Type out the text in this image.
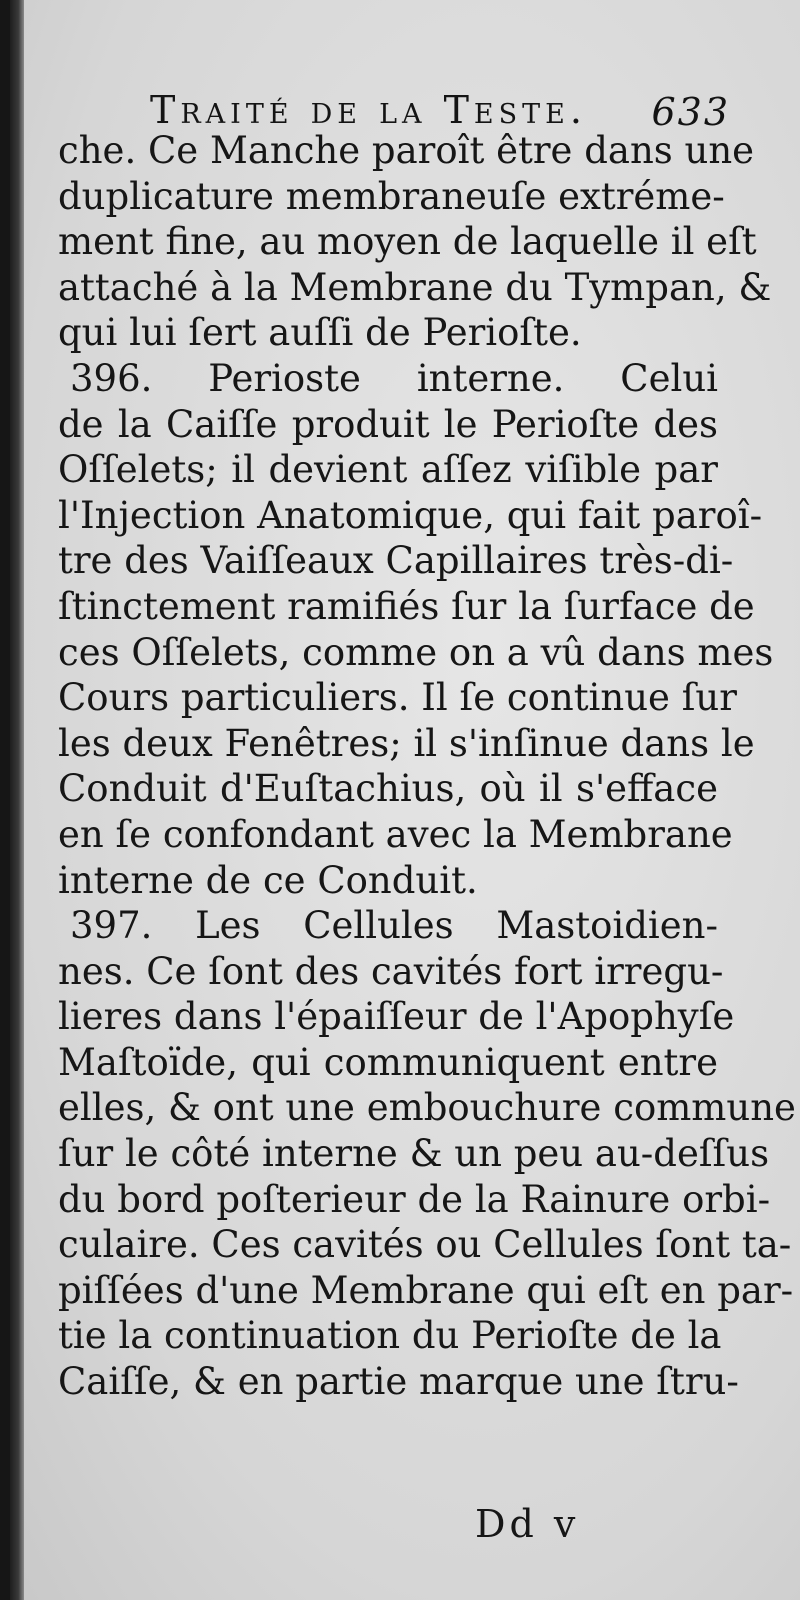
Traité de la Teste. 633
che. Ce Manche paroît être dans une
duplicature membraneuſe extréme-
ment fine, au moyen de laquelle il eſt
attaché à la Membrane du Tympan, &
qui lui ſert auſſi de Perioſte.
396. Perioste interne. Celui
de la Caiſſe produit le Perioſte des
Oſſelets; il devient aſſez viſible par
l'Injection Anatomique, qui fait paroî-
tre des Vaiſſeaux Capillaires très-di-
ſtinctement ramifiés ſur la ſurface de
ces Oſſelets, comme on a vû dans mes
Cours particuliers. Il ſe continue ſur
les deux Fenêtres; il s'inſinue dans le
Conduit d'Euſtachius, où il s'efface
en ſe confondant avec la Membrane
interne de ce Conduit.
397. Les Cellules Mastoidien-
nes. Ce ſont des cavités fort irregu-
lieres dans l'épaiſſeur de l'Apophyſe
Maſtoïde, qui communiquent entre
elles, & ont une embouchure commune
ſur le côté interne & un peu au-deſſus
du bord poſterieur de la Rainure orbi-
culaire. Ces cavités ou Cellules ſont ta-
piſſées d'une Membrane qui eſt en par-
tie la continuation du Perioſte de la
Caiſſe, & en partie marque une ſtru-
Dd v
